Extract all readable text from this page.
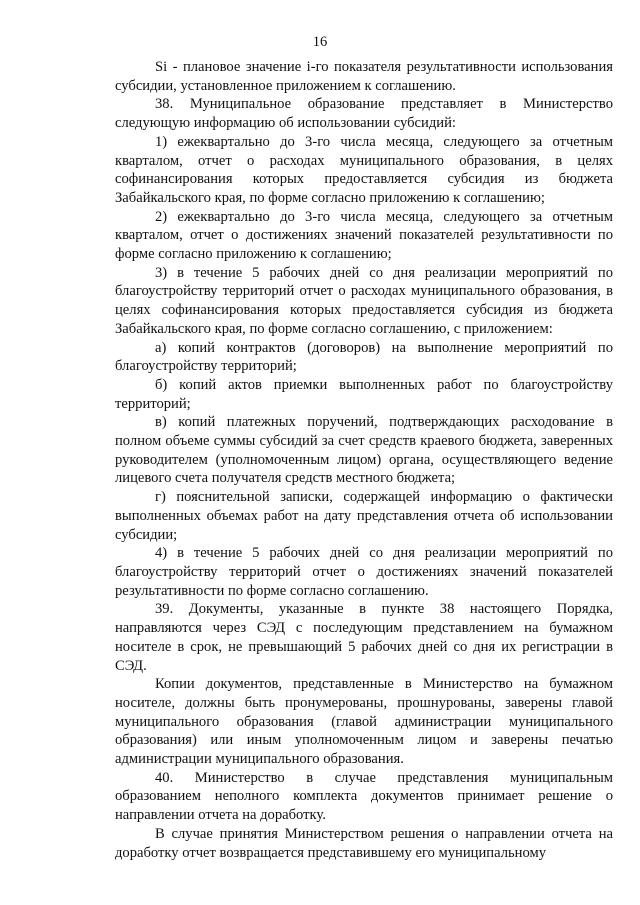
16

Si - плановое значение i-го показателя результативности использования субсидии, установленное приложением к соглашению.

38. Муниципальное образование представляет в Министерство следующую информацию об использовании субсидий:

1) ежеквартально до 3-го числа месяца, следующего за отчетным кварталом, отчет о расходах муниципального образования, в целях софинансирования которых предоставляется субсидия из бюджета Забайкальского края, по форме согласно приложению к соглашению;

2) ежеквартально до 3-го числа месяца, следующего за отчетным кварталом, отчет о достижениях значений показателей результативности по форме согласно приложению к соглашению;

3) в течение 5 рабочих дней со дня реализации мероприятий по благоустройству территорий отчет о расходах муниципального образования, в целях софинансирования которых предоставляется субсидия из бюджета Забайкальского края, по форме согласно соглашению, с приложением:

а) копий контрактов (договоров) на выполнение мероприятий по благоустройству территорий;

б) копий актов приемки выполненных работ по благоустройству территорий;

в) копий платежных поручений, подтверждающих расходование в полном объеме суммы субсидий за счет средств краевого бюджета, заверенных руководителем (уполномоченным лицом) органа, осуществляющего ведение лицевого счета получателя средств местного бюджета;

г) пояснительной записки, содержащей информацию о фактически выполненных объемах работ на дату представления отчета об использовании субсидии;

4) в течение 5 рабочих дней со дня реализации мероприятий по благоустройству территорий отчет о достижениях значений показателей результативности по форме согласно соглашению.

39. Документы, указанные в пункте 38 настоящего Порядка, направляются через СЭД с последующим представлением на бумажном носителе в срок, не превышающий 5 рабочих дней со дня их регистрации в СЭД.

Копии документов, представленные в Министерство на бумажном носителе, должны быть пронумерованы, прошнурованы, заверены главой муниципального образования (главой администрации муниципального образования) или иным уполномоченным лицом и заверены печатью администрации муниципального образования.

40. Министерство в случае представления муниципальным образованием неполного комплекта документов принимает решение о направлении отчета на доработку.

В случае принятия Министерством решения о направлении отчета на доработку отчет возвращается представившему его муниципальному
